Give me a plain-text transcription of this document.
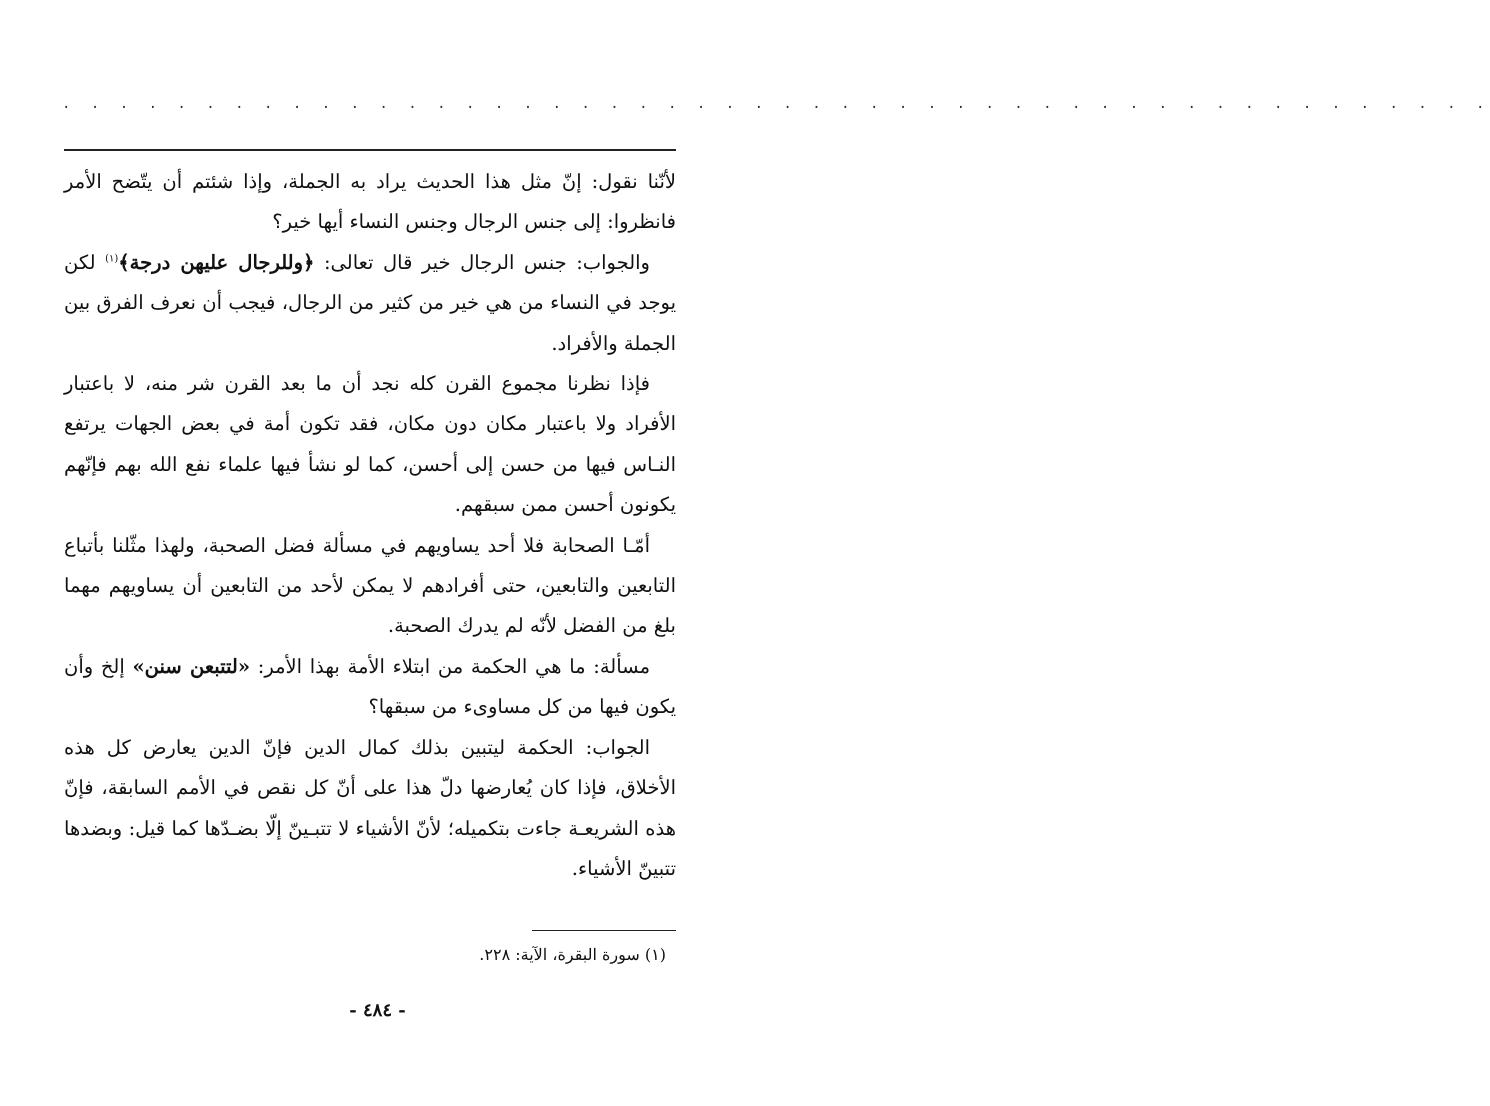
. . . . . . . . . . . . . . . . . . . . . . . . . . . . . . . . . . . . . . . . . . . . . . . . . .

لأنّنا نقول: إنّ مثل هذا الحديث يراد به الجملة، وإذا شئتم أن يتّضح الأمر فانظروا: إلى جنس الرجال وجنس النساء أيها خير؟

والجواب: جنس الرجال خير قال تعالى: ﴿وللرجال عليهن درجة﴾$^{(١)}$ لكن يوجد في النساء من هي خير من كثير من الرجال، فيجب أن نعرف الفرق بين الجملة والأفراد.

فإذا نظرنا مجموع القرن كله نجد أن ما بعد القرن شر منه، لا باعتبار الأفراد ولا باعتبار مكان دون مكان، فقد تكون أمة في بعض الجهات يرتفع النـاس فيها من حسن إلى أحسن، كما لو نشأ فيها علماء نفع الله بهم فإنّهم يكونون أحسن ممن سبقهم.

أمّـا الصحابة فلا أحد يساويهم في مسألة فضل الصحبة، ولهذا مثّلنا بأتباع التابعين والتابعين، حتى أفرادهم لا يمكن لأحد من التابعين أن يساويهم مهما بلغ من الفضل لأنّه لم يدرك الصحبة.

مسألة: ما هي الحكمة من ابتلاء الأمة بهذا الأمر: «لتتبعن سنن» إلخ وأن يكون فيها من كل مساوىء من سبقها؟

الجواب: الحكمة ليتبين بذلك كمال الدين فإنّ الدين يعارض كل هذه الأخلاق، فإذا كان يُعارضها دلّ هذا على أنّ كل نقص في الأمم السابقة، فإنّ هذه الشريعـة جاءت بتكميله؛ لأنّ الأشياء لا تتبـينّ إلّا بضـدّها كما قيل: وبضدها تتبينّ الأشياء.

(١) سورة البقرة، الآية: ٢٢٨.
- ٤٨٤ -
